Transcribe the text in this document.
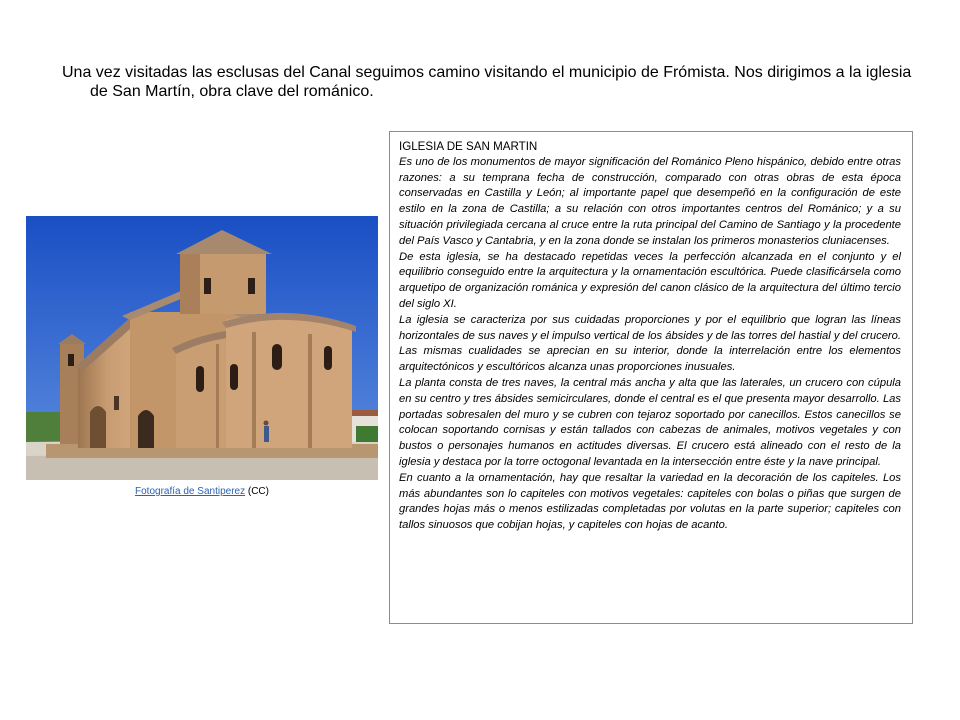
Una vez visitadas las esclusas del Canal seguimos camino visitando el municipio de Frómista. Nos dirigimos a la iglesia de San Martín, obra clave del románico.
Fotografía de Santiperez (CC)
IGLESIA DE SAN MARTIN

Es uno de los monumentos de mayor significación del Románico Pleno hispánico, debido entre otras razones: a su temprana fecha de construcción, comparado con otras obras de esta época conservadas en Castilla y León; al importante papel que desempeñó en la configuración de este estilo en la zona de Castilla; a su relación con otros importantes centros del Románico; y a su situación privilegiada cercana al cruce entre la ruta principal del Camino de Santiago y la procedente del País Vasco y Cantabria, y en la zona donde se instalan los primeros monasterios cluniacenses.

De esta iglesia, se ha destacado repetidas veces la perfección alcanzada en el conjunto y el equilibrio conseguido entre la arquitectura y la ornamentación escultórica. Puede clasificársela como arquetipo de organización románica y expresión del canon clásico de la arquitectura del último tercio del siglo XI.

La iglesia se caracteriza por sus cuidadas proporciones y por el equilibrio que logran las líneas horizontales de sus naves y el impulso vertical de los ábsides y de las torres del hastial y del crucero. Las mismas cualidades se aprecian en su interior, donde la interrelación entre los elementos arquitectónicos y escultóricos alcanza unas proporciones inusuales.

La planta consta de tres naves, la central más ancha y alta que las laterales, un crucero con cúpula en su centro y tres ábsides semicirculares, donde el central es el que presenta mayor desarrollo. Las portadas sobresalen del muro y se cubren con tejaroz soportado por canecillos. Estos canecillos se colocan soportando cornisas y están tallados con cabezas de animales, motivos vegetales y con bustos o personajes humanos en actitudes diversas. El crucero está alineado con el resto de la iglesia y destaca por la torre octogonal levantada en la intersección entre éste y la nave principal.

En cuanto a la ornamentación, hay que resaltar la variedad en la decoración de los capiteles. Los más abundantes son lo capiteles con motivos vegetales: capiteles con bolas o piñas que surgen de grandes hojas más o menos estilizadas completadas por volutas en la parte superior; capiteles con tallos sinuosos que cobijan hojas, y capiteles con hojas de acanto.
